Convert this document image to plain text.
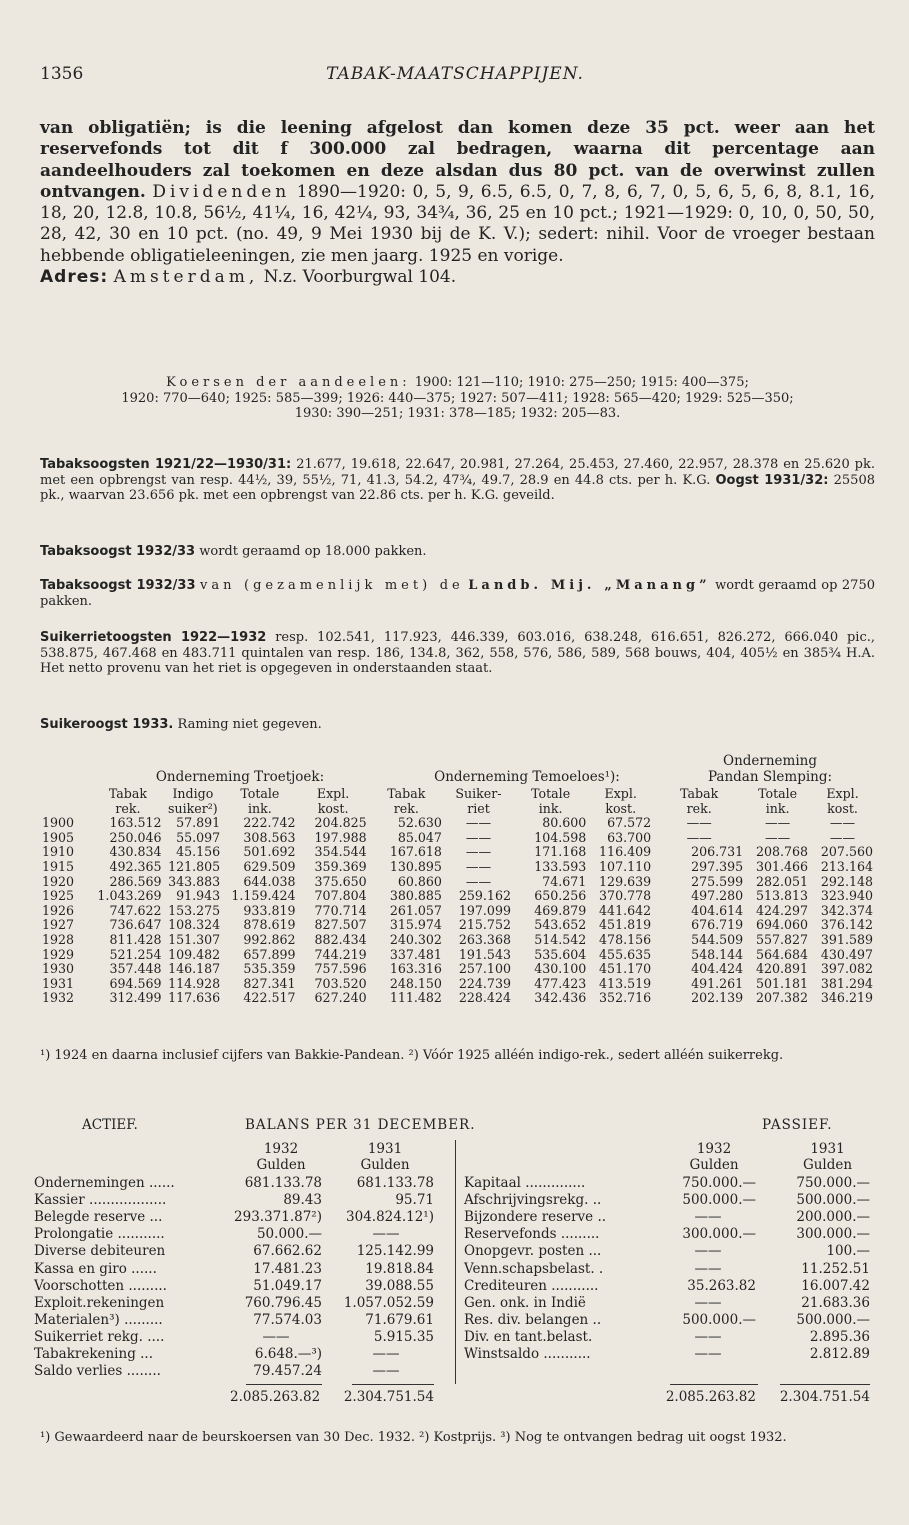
1356	TABAK-MAATSCHAPPIJEN.
van obligatiën; is die leening afgelost dan komen deze 35 pct. weer aan het reservefonds tot dit f 300.000 zal bedragen, waarna dit percentage aan aandeelhouders zal toekomen en deze alsdan dus 80 pct. van de overwinst zullen ontvangen. Dividenden 1890—1920: 0, 5, 9, 6.5, 6.5, 0, 7, 8, 6, 7, 0, 5, 6, 5, 6, 8, 8.1, 16, 18, 20, 12.8, 10.8, 56½, 41¼, 16, 42¼, 93, 34¾, 36, 25 en 10 pct.; 1921—1929: 0, 10, 0, 50, 50, 28, 42, 30 en 10 pct. (no. 49, 9 Mei 1930 bij de K. V.); sedert: nihil. Voor de vroeger bestaan hebbende obligatieleeningen, zie men jaarg. 1925 en vorige.
Adres: Amsterdam, N.z. Voorburgwal 104.
Koersen der aandeelen: 1900: 121—110; 1910: 275—250; 1915: 400—375;
1920: 770—640; 1925: 585—399; 1926: 440—375; 1927: 507—411; 1928: 565—420; 1929: 525—350;
1930: 390—251; 1931: 378—185; 1932: 205—83.
Tabaksoogsten 1921/22—1930/31: 21.677, 19.618, 22.647, 20.981, 27.264, 25.453, 27.460, 22.957, 28.378 en 25.620 pk. met een opbrengst van resp. 44½, 39, 55½, 71, 41.3, 54.2, 47¾, 49.7, 28.9 en 44.8 cts. per h. K.G. Oogst 1931/32: 25508 pk., waarvan 23.656 pk. met een opbrengst van 22.86 cts. per h. K.G. geveild.
Tabaksoogst 1932/33 wordt geraamd op 18.000 pakken.
Tabaksoogst 1932/33 van (gezamenlijk met) de Landb. Mij. „Manang” wordt geraamd op 2750 pakken.
Suikerrietoogsten 1922—1932 resp. 102.541, 117.923, 446.339, 603.016, 638.248, 616.651, 826.272, 666.040 pic., 538.875, 467.468 en 483.711 quintalen van resp. 186, 134.8, 362, 558, 576, 586, 589, 568 bouws, 404, 405½ en 385¾ H.A. Het netto provenu van het riet is opgegeven in onderstaanden staat.
Suikeroogst 1933. Raming niet gegeven.
Onderneming Troetjoek:	Onderneming Temoeloes¹):
Onderneming
Pandan Slemping:
	Tabak	Indigo	Totale	Expl.	Tabak	Suiker-	Totale	Expl.	Tabak	Totale	Expl.
	rek.	suiker²)	ink.	kost.	rek.	riet	ink.	kost.	rek.	ink.	kost.
1900	163.512	57.891	222.742	204.825	52.630	——	80.600	67.572	——	——	——
1905	250.046	55.097	308.563	197.988	85.047	——	104.598	63.700	——	——	——
1910	430.834	45.156	501.692	354.544	167.618	——	171.168	116.409	206.731	208.768	207.560
1915	492.365	121.805	629.509	359.369	130.895	——	133.593	107.110	297.395	301.466	213.164
1920	286.569	343.883	644.038	375.650	60.860	——	74.671	129.639	275.599	282.051	292.148
1925	1.043.269	91.943	1.159.424	707.804	380.885	259.162	650.256	370.778	497.280	513.813	323.940
1926	747.622	153.275	933.819	770.714	261.057	197.099	469.879	441.642	404.614	424.297	342.374
1927	736.647	108.324	878.619	827.507	315.974	215.752	543.652	451.819	676.719	694.060	376.142
1928	811.428	151.307	992.862	882.434	240.302	263.368	514.542	478.156	544.509	557.827	391.589
1929	521.254	109.482	657.899	744.219	337.481	191.543	535.604	455.635	548.144	564.684	430.497
1930	357.448	146.187	535.359	757.596	163.316	257.100	430.100	451.170	404.424	420.891	397.082
1931	694.569	114.928	827.341	703.520	248.150	224.739	477.423	413.519	491.261	501.181	381.294
1932	312.499	117.636	422.517	627.240	111.482	228.424	342.436	352.716	202.139	207.382	346.219
¹) 1924 en daarna inclusief cijfers van Bakkie-Pandean. ²) Vóór 1925 alléén indigo-rek., sedert alléén suikerrekg.
ACTIEF.	BALANS PER 31 DECEMBER.	PASSIEF.
1932	1931
Gulden	Gulden
1932	1931
Gulden	Gulden
Ondernemingen ......	681.133.78	681.133.78
Kassier ..................	89.43	95.71
Belegde reserve ...	293.371.87²)	304.824.12¹)
Prolongatie ...........	50.000.—	——
Diverse debiteuren	67.662.62	125.142.99
Kassa en giro ......	17.481.23	19.818.84
Voorschotten .........	51.049.17	39.088.55
Exploit.rekeningen	760.796.45	1.057.052.59
Materialen³) .........	77.574.03	71.679.61
Suikerriet rekg. ....	——	5.915.35
Tabakrekening ...	6.648.—³)	——
Saldo verlies ........	79.457.24	——
Kapitaal ..............	750.000.—	750.000.—
Afschrijvingsrekg. ..	500.000.—	500.000.—
Bijzondere reserve ..	——	200.000.—
Reservefonds .........	300.000.—	300.000.—
Onopgevr. posten ...	——	100.—
Venn.schapsbelast. .	——	11.252.51
Crediteuren ...........	35.263.82	16.007.42
Gen. onk. in Indië	——	21.683.36
Res. div. belangen ..	500.000.—	500.000.—
Div. en tant.belast.	——	2.895.36
Winstsaldo ...........	——	2.812.89
2.085.263.82	2.304.751.54	2.085.263.82	2.304.751.54
¹) Gewaardeerd naar de beurskoersen van 30 Dec. 1932. ²) Kostprijs. ³) Nog te ontvangen bedrag uit oogst 1932.
